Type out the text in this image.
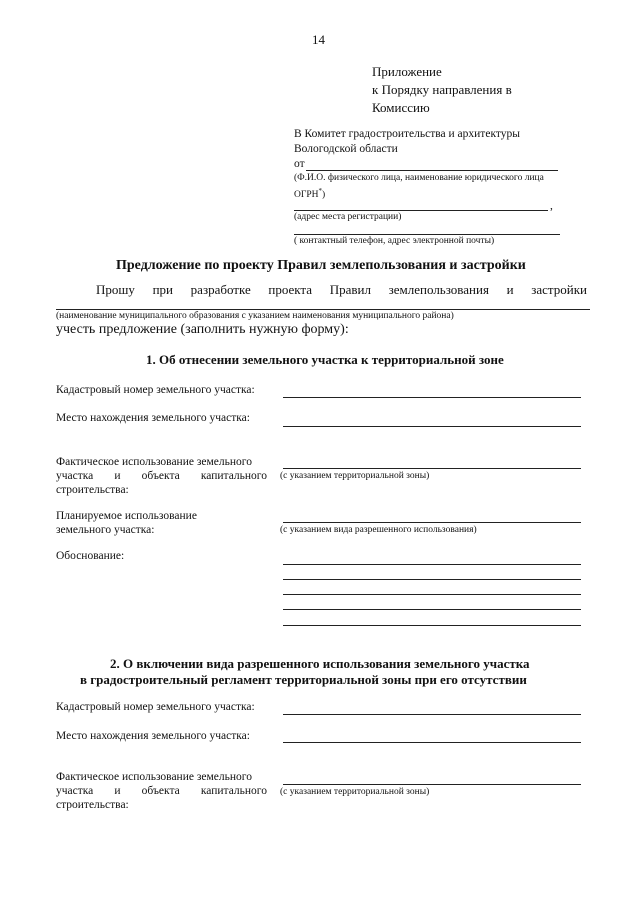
14
Приложение
к Порядку направления в
Комиссию
В Комитет градостроительства и архитектуры
Вологодской области
от
(Ф.И.О. физического лица, наименование юридического лица
ОГРН*)
,
(адрес места регистрации)
( контактный телефон, адрес электронной почты)
Предложение по проекту Правил землепользования и застройки
Прошу при разработке проекта Правил землепользования и застройки
(наименование муниципального образования с указанием наименования муниципального района)
учесть предложение (заполнить нужную форму):
1. Об отнесении земельного участка к территориальной зоне
Кадастровый номер земельного участка:
Место нахождения земельного участка:
Фактическое использование земельного
участка и объекта капитального
строительства:
(с указанием территориальной зоны)
Планируемое использование
земельного участка:	(с указанием вида разрешенного использования)
Обоснование:
2. О включении вида разрешенного использования земельного участка
в градостроительный регламент территориальной зоны при его отсутствии
Кадастровый номер земельного участка:
Место нахождения земельного участка:
Фактическое использование земельного
участка и объекта капитального
строительства:
(с указанием территориальной зоны)
